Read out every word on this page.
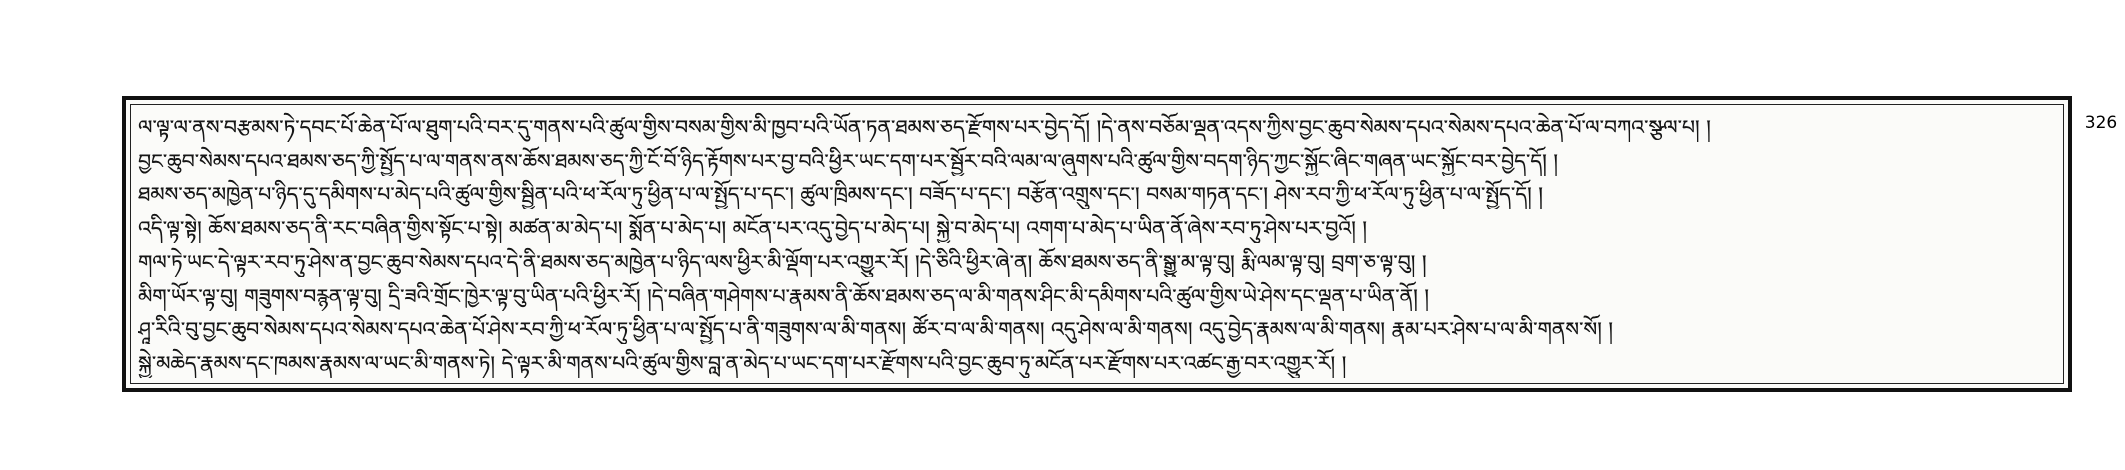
ལ་ལྟ་ལ་ནས་བརྩམས་ཏེ་དབང་པོ་ཆེན་པོ་ལ་ཐུག་པའི་བར་དུ་གནས་པའི་ཚུལ་གྱིས་བསམ་གྱིས་མི་ཁྱབ་པའི་ཡོན་ཏན་ཐམས་ཅད་རྫོགས་པར་བྱེད་དོ། །དེ་ནས་བཅོམ་ལྡན་འདས་ཀྱིས་བྱང་ཆུབ་སེམས་དཔའ་སེམས་དཔའ་ཆེན་པོ་ལ་བཀའ་སྩལ་པ། །
བྱང་ཆུབ་སེམས་དཔའ་ཐམས་ཅད་ཀྱི་སྤྱོད་པ་ལ་གནས་ནས་ཆོས་ཐམས་ཅད་ཀྱི་ངོ་བོ་ཉིད་རྟོགས་པར་བྱ་བའི་ཕྱིར་ཡང་དག་པར་སྦྱོར་བའི་ལམ་ལ་ཞུགས་པའི་ཚུལ་གྱིས་བདག་ཉིད་ཀྱང་སྐྱོང་ཞིང་གཞན་ཡང་སྐྱོང་བར་བྱེད་དོ། །
ཐམས་ཅད་མཁྱེན་པ་ཉིད་དུ་དམིགས་པ་མེད་པའི་ཚུལ་གྱིས་སྦྱིན་པའི་ཕ་རོལ་ཏུ་ཕྱིན་པ་ལ་སྤྱོད་པ་དང་། ཚུལ་ཁྲིམས་དང་། བཟོད་པ་དང་། བརྩོན་འགྲུས་དང་། བསམ་གཏན་དང་། ཤེས་རབ་ཀྱི་ཕ་རོལ་ཏུ་ཕྱིན་པ་ལ་སྤྱོད་དོ། །
འདི་ལྟ་སྟེ། ཆོས་ཐམས་ཅད་ནི་རང་བཞིན་གྱིས་སྟོང་པ་སྟེ། མཚན་མ་མེད་པ། སྨོན་པ་མེད་པ། མངོན་པར་འདུ་བྱེད་པ་མེད་པ། སྐྱེ་བ་མེད་པ། འགག་པ་མེད་པ་ཡིན་ནོ་ཞེས་རབ་ཏུ་ཤེས་པར་བྱའོ། །
གལ་ཏེ་ཡང་དེ་ལྟར་རབ་ཏུ་ཤེས་ན་བྱང་ཆུབ་སེམས་དཔའ་དེ་ནི་ཐམས་ཅད་མཁྱེན་པ་ཉིད་ལས་ཕྱིར་མི་ལྡོག་པར་འགྱུར་རོ། །དེ་ཅིའི་ཕྱིར་ཞེ་ན། ཆོས་ཐམས་ཅད་ནི་སྒྱུ་མ་ལྟ་བུ། རྨི་ལམ་ལྟ་བུ། བྲག་ཅ་ལྟ་བུ། །
མིག་ཡོར་ལྟ་བུ། གཟུགས་བརྙན་ལྟ་བུ། དྲི་ཟའི་གྲོང་ཁྱེར་ལྟ་བུ་ཡིན་པའི་ཕྱིར་རོ། །དེ་བཞིན་གཤེགས་པ་རྣམས་ནི་ཆོས་ཐམས་ཅད་ལ་མི་གནས་ཤིང་མི་དམིགས་པའི་ཚུལ་གྱིས་ཡེ་ཤེས་དང་ལྡན་པ་ཡིན་ནོ། །
ཤཱ་རིའི་བུ་བྱང་ཆུབ་སེམས་དཔའ་སེམས་དཔའ་ཆེན་པོ་ཤེས་རབ་ཀྱི་ཕ་རོལ་ཏུ་ཕྱིན་པ་ལ་སྤྱོད་པ་ནི་གཟུགས་ལ་མི་གནས། ཚོར་བ་ལ་མི་གནས། འདུ་ཤེས་ལ་མི་གནས། འདུ་བྱེད་རྣམས་ལ་མི་གནས། རྣམ་པར་ཤེས་པ་ལ་མི་གནས་སོ། །
སྐྱེ་མཆེད་རྣམས་དང་ཁམས་རྣམས་ལ་ཡང་མི་གནས་ཏེ། དེ་ལྟར་མི་གནས་པའི་ཚུལ་གྱིས་བླ་ན་མེད་པ་ཡང་དག་པར་རྫོགས་པའི་བྱང་ཆུབ་ཏུ་མངོན་པར་རྫོགས་པར་འཚང་རྒྱ་བར་འགྱུར་རོ། །
326
